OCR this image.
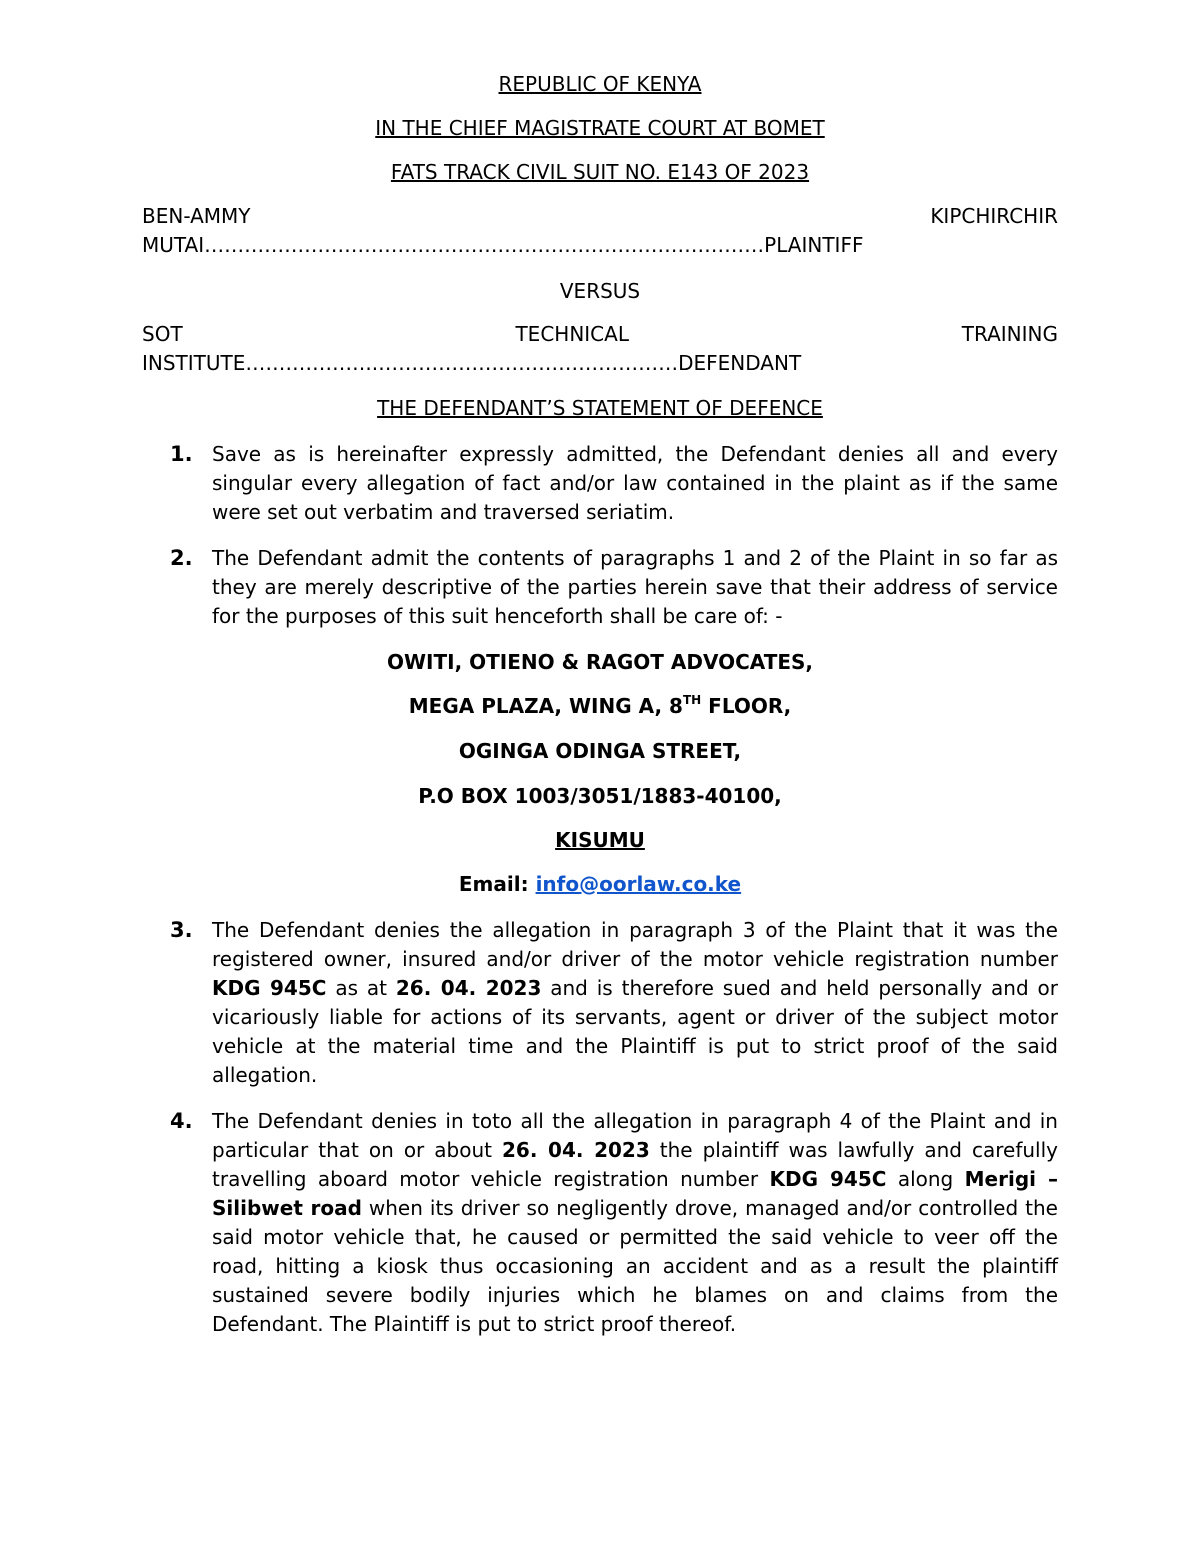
REPUBLIC OF KENYA
IN THE CHIEF MAGISTRATE COURT AT BOMET
FATS TRACK CIVIL SUIT NO. E143 OF 2023
BEN-AMMY	KIPCHIRCHIR
MUTAI…………………………………………………………………………PLAINTIFF
VERSUS
SOT	TECHNICAL	TRAINING
INSTITUTE………………..………………………………………DEFENDANT
THE DEFENDANT’S STATEMENT OF DEFENCE
1. Save as is hereinafter expressly admitted, the Defendant denies all and every singular every allegation of fact and/or law contained in the plaint as if the same were set out verbatim and traversed seriatim.
2. The Defendant admit the contents of paragraphs 1 and 2 of the Plaint in so far as they are merely descriptive of the parties herein save that their address of service for the purposes of this suit henceforth shall be care of: -
OWITI, OTIENO & RAGOT ADVOCATES,
MEGA PLAZA, WING A, 8TH FLOOR,
OGINGA ODINGA STREET,
P.O BOX 1003/3051/1883-40100,
KISUMU
Email: info@oorlaw.co.ke
3. The Defendant denies the allegation in paragraph 3 of the Plaint that it was the registered owner, insured and/or driver of the motor vehicle registration number KDG 945C as at 26. 04. 2023 and is therefore sued and held personally and or vicariously liable for actions of its servants, agent or driver of the subject motor vehicle at the material time and the Plaintiff is put to strict proof of the said allegation.
4. The Defendant denies in toto all the allegation in paragraph 4 of the Plaint and in particular that on or about 26. 04. 2023 the plaintiff was lawfully and carefully travelling aboard motor vehicle registration number KDG 945C along Merigi – Silibwet road when its driver so negligently drove, managed and/or controlled the said motor vehicle that, he caused or permitted the said vehicle to veer off the road, hitting a kiosk thus occasioning an accident and as a result the plaintiff sustained severe bodily injuries which he blames on and claims from the Defendant. The Plaintiff is put to strict proof thereof.
